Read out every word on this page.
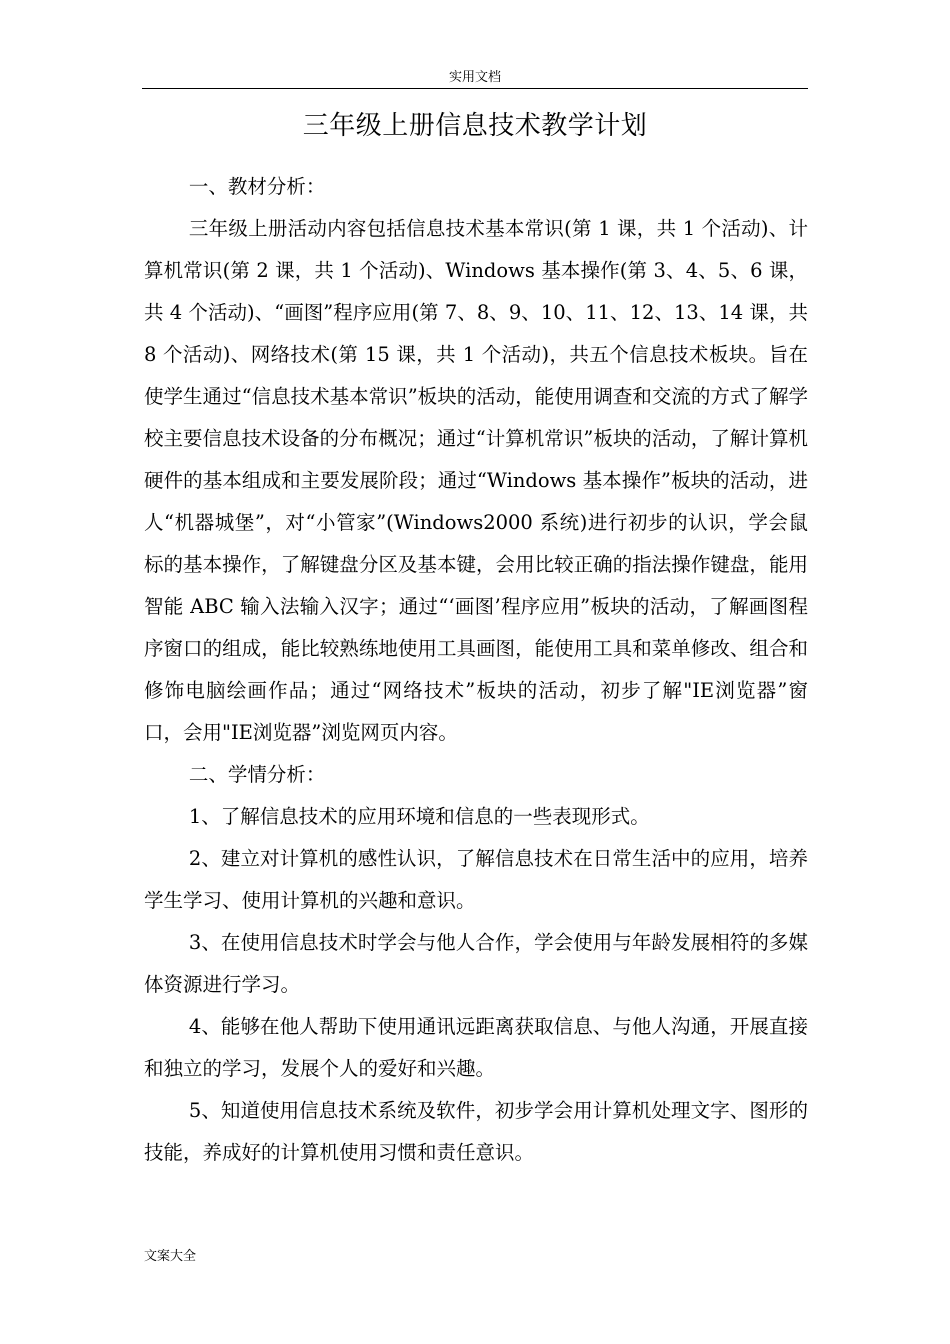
实用文档
三年级上册信息技术教学计划

一、教材分析：

三年级上册活动内容包括信息技术基本常识(第 1 课，共 1 个活动)、计算机常识(第 2 课，共 1 个活动)、Windows 基本操作(第 3、4、5、6 课，共 4 个活动)、“画图”程序应用(第 7、8、9、10、11、12、13、14 课，共 8 个活动)、网络技术(第 15 课，共 1 个活动)，共五个信息技术板块。旨在使学生通过“信息技术基本常识”板块的活动，能使用调查和交流的方式了解学校主要信息技术设备的分布概况；通过“计算机常识”板块的活动，了解计算机硬件的基本组成和主要发展阶段；通过“Windows 基本操作”板块的活动，进人“机器城堡”，对“小管家”(Windows2000 系统)进行初步的认识，学会鼠标的基本操作，了解键盘分区及基本键，会用比较正确的指法操作键盘，能用智能 ABC 输入法输入汉字；通过“‘画图’程序应用”板块的活动，了解画图程序窗口的组成，能比较熟练地使用工具画图，能使用工具和菜单修改、组合和修饰电脑绘画作品；通过“网络技术”板块的活动，初步了解"IE浏览器”窗口，会用"IE浏览器”浏览网页内容。

二、学情分析：

1、了解信息技术的应用环境和信息的一些表现形式。

2、建立对计算机的感性认识，了解信息技术在日常生活中的应用，培养学生学习、使用计算机的兴趣和意识。

3、在使用信息技术时学会与他人合作，学会使用与年龄发展相符的多媒体资源进行学习。

4、能够在他人帮助下使用通讯远距离获取信息、与他人沟通，开展直接和独立的学习，发展个人的爱好和兴趣。

5、知道使用信息技术系统及软件，初步学会用计算机处理文字、图形的技能，养成好的计算机使用习惯和责任意识。

文案大全
